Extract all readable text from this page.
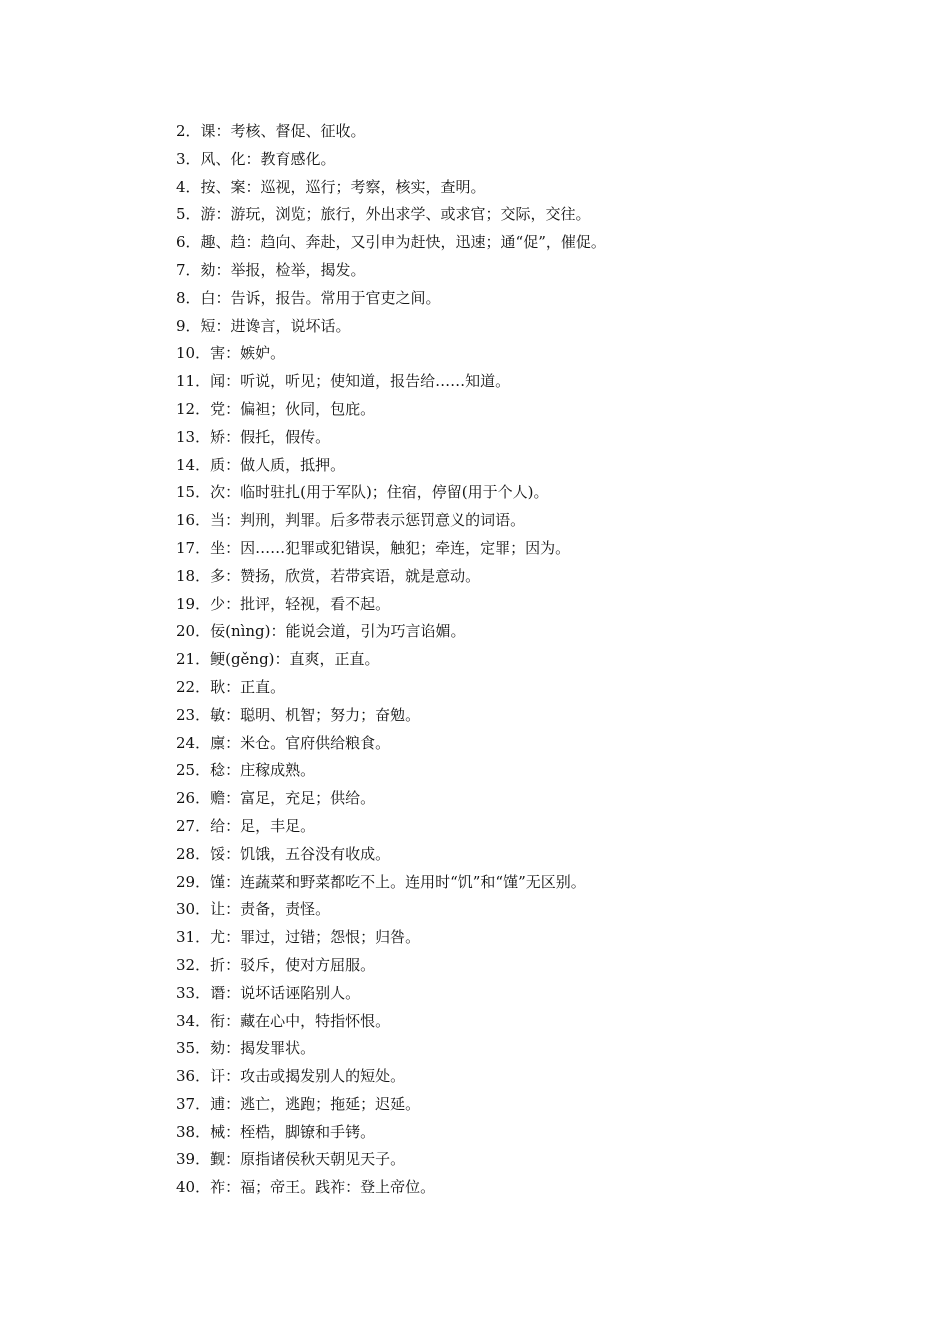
2．课：考核、督促、征收。
3．风、化：教育感化。
4．按、案：巡视，巡行；考察，核实，查明。
5．游：游玩，浏览；旅行，外出求学、或求官；交际，交往。
6．趣、趋：趋向、奔赴，又引申为赶快，迅速；通“促”，催促。
7．劾：举报，检举，揭发。
8．白：告诉，报告。常用于官吏之间。
9．短：进谗言，说坏话。
10．害：嫉妒。
11．闻：听说，听见；使知道，报告给……知道。
12．党：偏袒；伙同，包庇。
13．矫：假托，假传。
14．质：做人质，抵押。
15．次：临时驻扎(用于军队)；住宿，停留(用于个人)。
16．当：判刑，判罪。后多带表示惩罚意义的词语。
17．坐：因……犯罪或犯错误，触犯；牵连，定罪；因为。
18．多：赞扬，欣赏，若带宾语，就是意动。
19．少：批评，轻视，看不起。
20．佞(nìng)：能说会道，引为巧言谄媚。
21．鲠(gěng)：直爽，正直。
22．耿：正直。
23．敏：聪明、机智；努力；奋勉。
24．廪：米仓。官府供给粮食。
25．稔：庄稼成熟。
26．赡：富足，充足；供给。
27．给：足，丰足。
28．馁：饥饿，五谷没有收成。
29．馑：连蔬菜和野菜都吃不上。连用时“饥”和“馑”无区别。
30．让：责备，责怪。
31．尤：罪过，过错；怨恨；归咎。
32．折：驳斥，使对方屈服。
33．谮：说坏话诬陷别人。
34．衔：藏在心中，特指怀恨。
35．劾：揭发罪状。
36．讦：攻击或揭发别人的短处。
37．逋：逃亡，逃跑；拖延；迟延。
38．械：桎梏，脚镣和手铐。
39．觐：原指诸侯秋天朝见天子。
40．祚：福；帝王。践祚：登上帝位。
